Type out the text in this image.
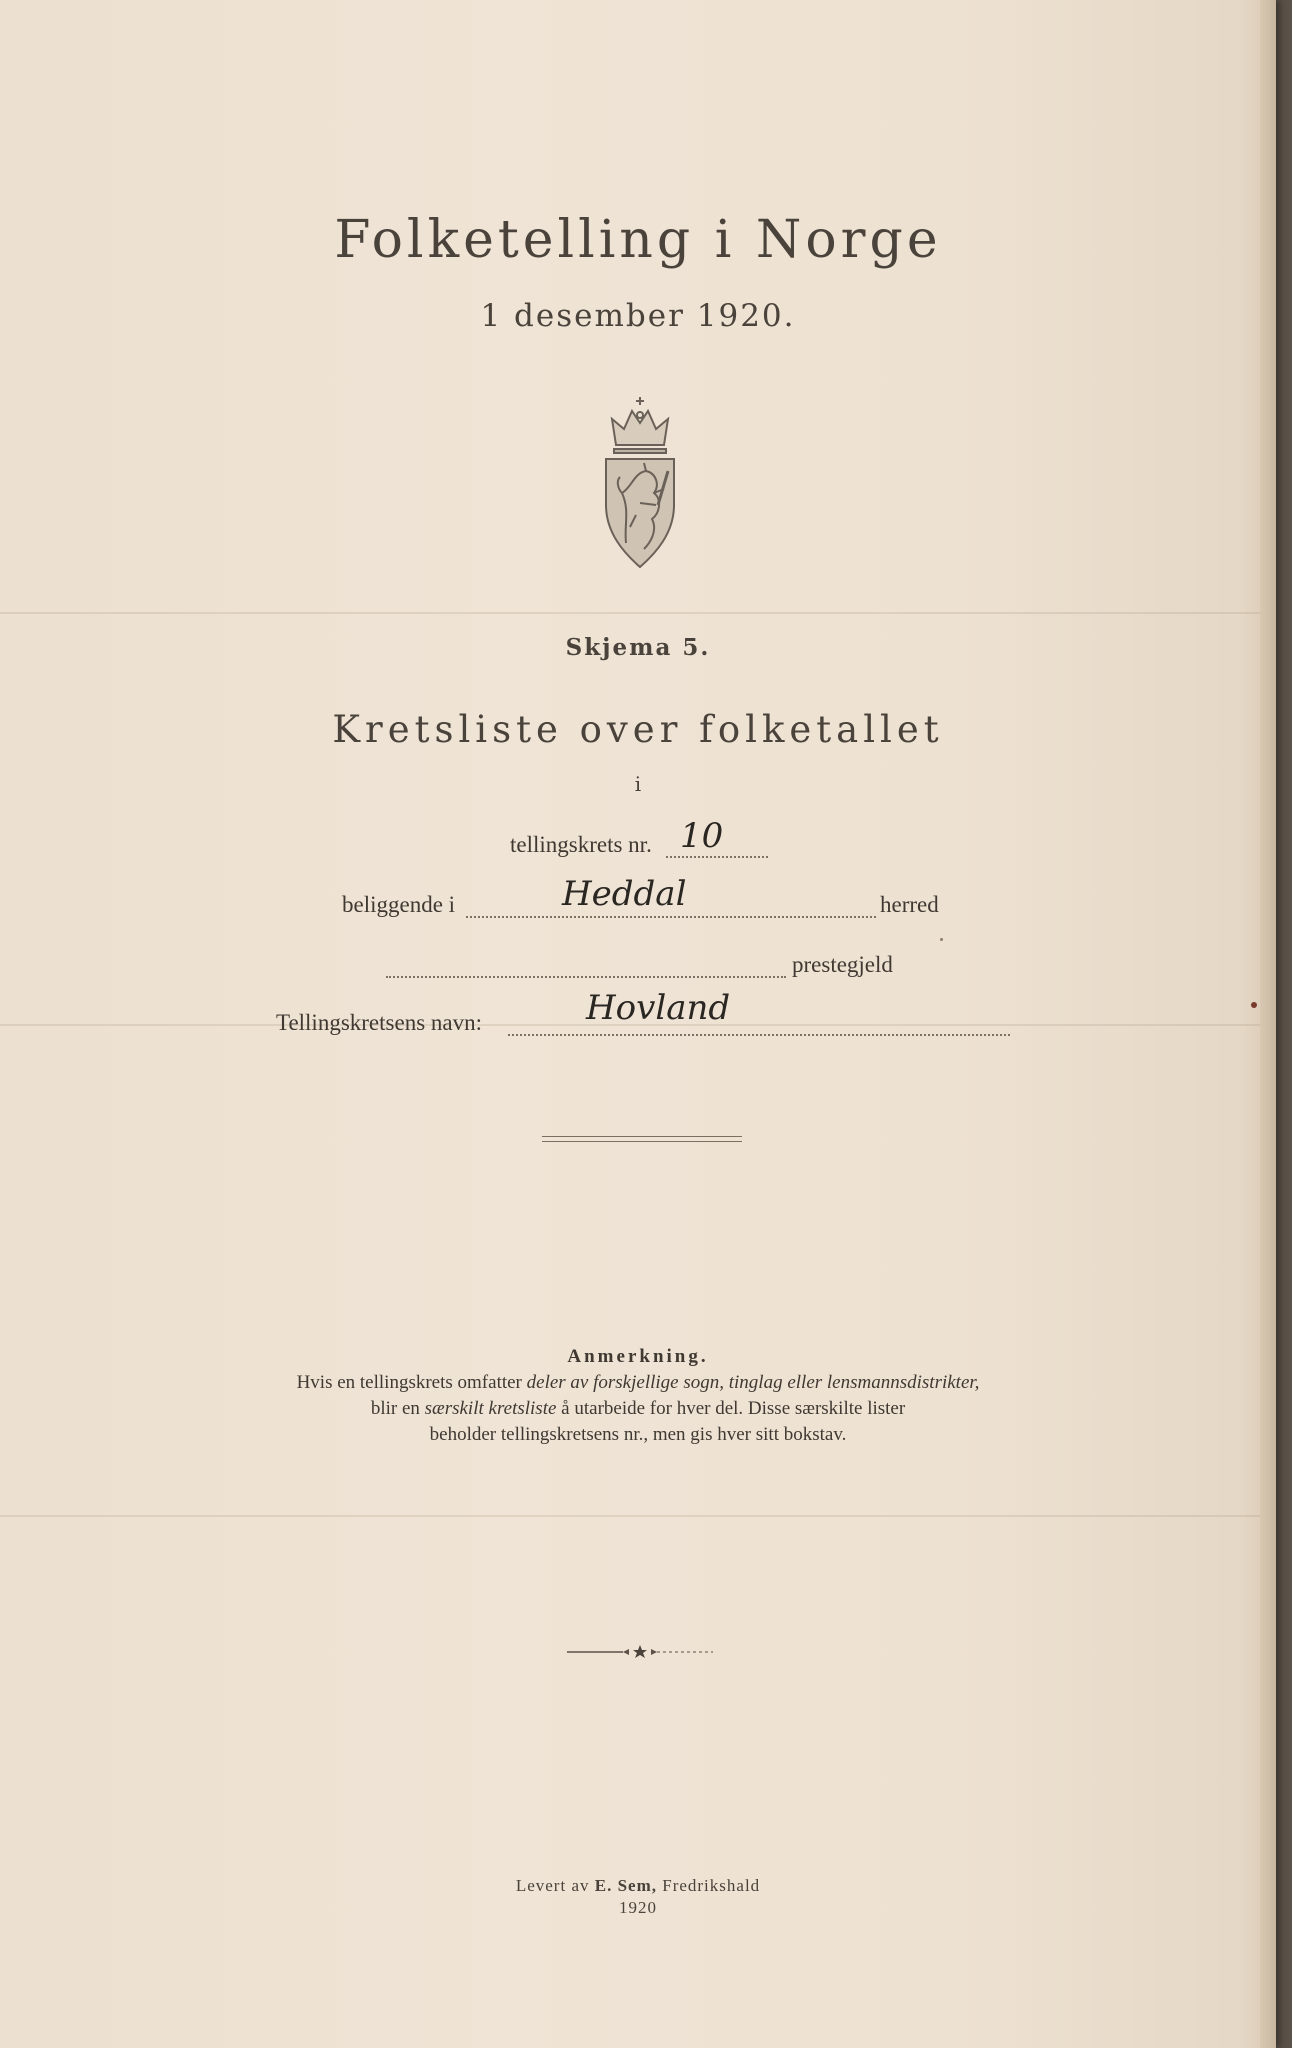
Folketelling i Norge
1 desember 1920.
Skjema 5.
Kretsliste over folketallet
i
tellingskrets nr. 10
beliggende i	Heddal	herred
prestegjeld
Tellingskretsens navn:	Hovland
Anmerkning.
Hvis en tellingskrets omfatter deler av forskjellige sogn, tinglag eller lensmannsdistrikter,
blir en særskilt kretsliste å utarbeide for hver del. Disse særskilte lister
beholder tellingskretsens nr., men gis hver sitt bokstav.
Levert av E. Sem, Fredrikshald
1920
